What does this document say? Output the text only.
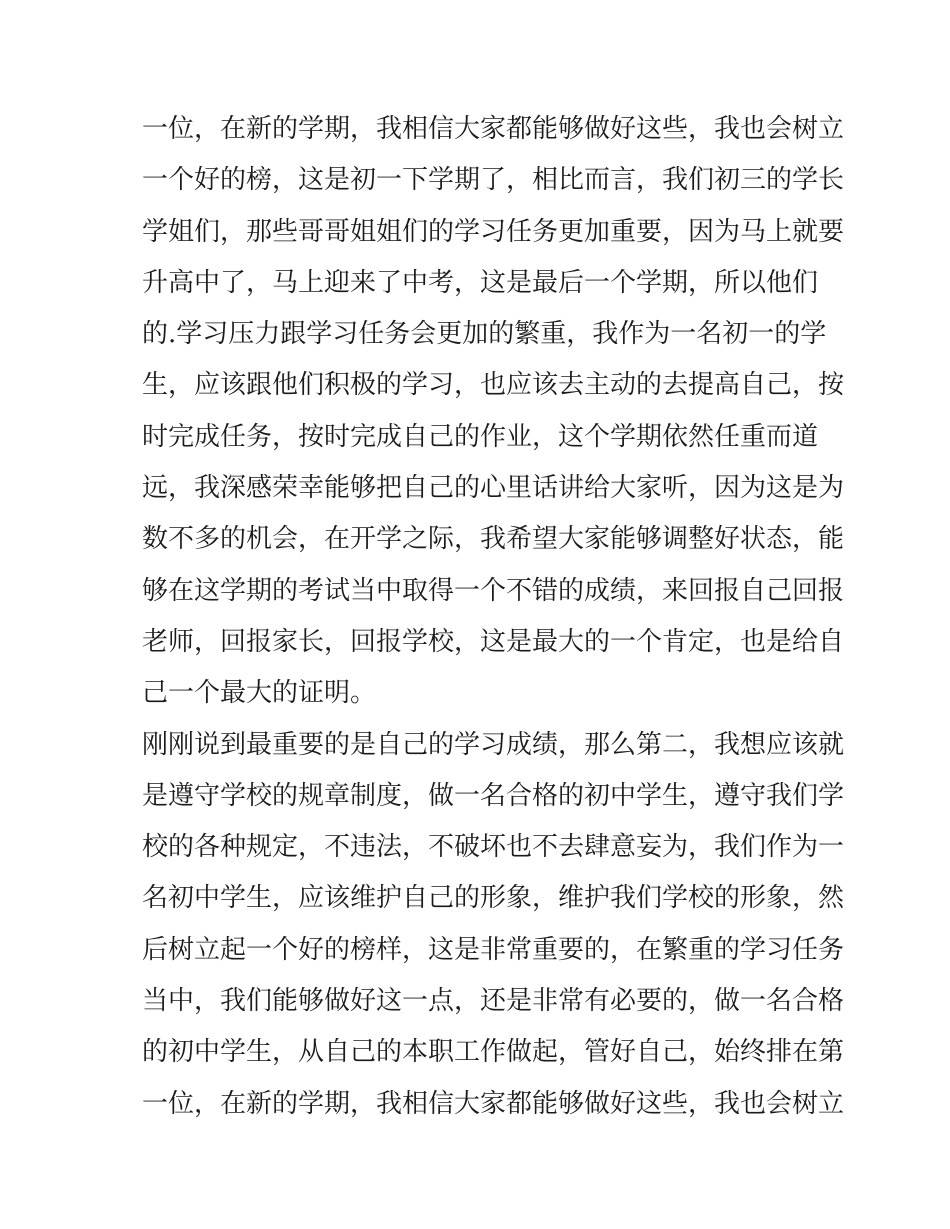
一位，在新的学期，我相信大家都能够做好这些，我也会树立
一个好的榜，这是初一下学期了，相比而言，我们初三的学长
学姐们，那些哥哥姐姐们的学习任务更加重要，因为马上就要
升高中了，马上迎来了中考，这是最后一个学期，所以他们
的.学习压力跟学习任务会更加的繁重，我作为一名初一的学
生，应该跟他们积极的学习，也应该去主动的去提高自己，按
时完成任务，按时完成自己的作业，这个学期依然任重而道
远，我深感荣幸能够把自己的心里话讲给大家听，因为这是为
数不多的机会，在开学之际，我希望大家能够调整好状态，能
够在这学期的考试当中取得一个不错的成绩，来回报自己回报
老师，回报家长，回报学校，这是最大的一个肯定，也是给自
己一个最大的证明。
刚刚说到最重要的是自己的学习成绩，那么第二，我想应该就
是遵守学校的规章制度，做一名合格的初中学生，遵守我们学
校的各种规定，不违法，不破坏也不去肆意妄为，我们作为一
名初中学生，应该维护自己的形象，维护我们学校的形象，然
后树立起一个好的榜样，这是非常重要的，在繁重的学习任务
当中，我们能够做好这一点，还是非常有必要的，做一名合格
的初中学生，从自己的本职工作做起，管好自己，始终排在第
一位，在新的学期，我相信大家都能够做好这些，我也会树立
